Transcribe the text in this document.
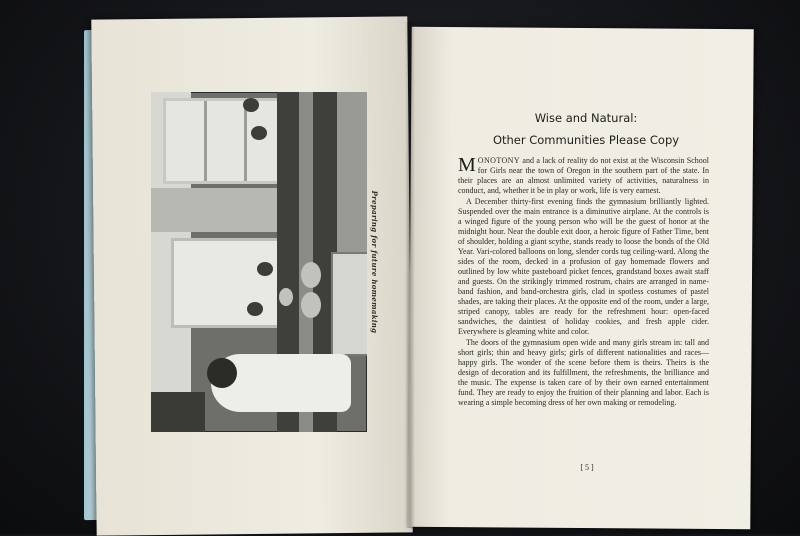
Preparing for future homemaking
Wise and Natural:
Other Communities Please Copy

MONOTONY and a lack of reality do not exist at the Wisconsin School for Girls near the town of Oregon in the southern part of the state. In their places are an almost unlimited variety of activities, naturalness in conduct, and, whether it be in play or work, life is very earnest.

A December thirty-first evening finds the gymnasium brilliantly lighted. Suspended over the main entrance is a diminutive airplane. At the controls is a winged figure of the young person who will be the guest of honor at the midnight hour. Near the double exit door, a heroic figure of Father Time, bent of shoulder, holding a giant scythe, stands ready to loose the bonds of the Old Year. Vari-colored balloons on long, slender cords tug ceiling-ward. Along the sides of the room, decked in a profusion of gay homemade flowers and outlined by low white pasteboard picket fences, grandstand boxes await staff and guests. On the strikingly trimmed rostrum, chairs are arranged in name-band fashion, and band-orchestra girls, clad in spotless costumes of pastel shades, are taking their places. At the opposite end of the room, under a large, striped canopy, tables are ready for the refreshment hour: open-faced sandwiches, the daintiest of holiday cookies, and fresh apple cider. Everywhere is gleaming white and color.

The doors of the gymnasium open wide and many girls stream in: tall and short girls; thin and heavy girls; girls of different nationalities and races—happy girls. The wonder of the scene before them is theirs. Theirs is the design of decoration and its fulfillment, the refreshments, the brilliance and the music. The expense is taken care of by their own earned entertainment fund. They are ready to enjoy the fruition of their planning and labor. Each is wearing a simple becoming dress of her own making or remodeling.

[ 5 ]
